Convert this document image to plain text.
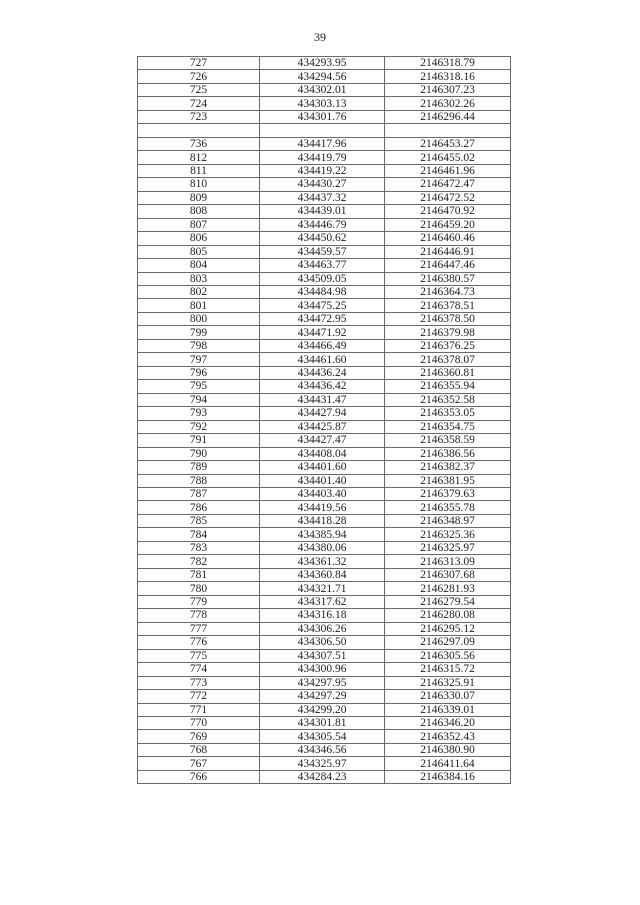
39
727	434293.95	2146318.79
726	434294.56	2146318.16
725	434302.01	2146307.23
724	434303.13	2146302.26
723	434301.76	2146296.44

736	434417.96	2146453.27
812	434419.79	2146455.02
811	434419.22	2146461.96
810	434430.27	2146472.47
809	434437.32	2146472.52
808	434439.01	2146470.92
807	434446.79	2146459.20
806	434450.62	2146460.46
805	434459.57	2146446.91
804	434463.77	2146447.46
803	434509.05	2146380.57
802	434484.98	2146364.73
801	434475.25	2146378.51
800	434472.95	2146378.50
799	434471.92	2146379.98
798	434466.49	2146376.25
797	434461.60	2146378.07
796	434436.24	2146360.81
795	434436.42	2146355.94
794	434431.47	2146352.58
793	434427.94	2146353.05
792	434425.87	2146354.75
791	434427.47	2146358.59
790	434408.04	2146386.56
789	434401.60	2146382.37
788	434401.40	2146381.95
787	434403.40	2146379.63
786	434419.56	2146355.78
785	434418.28	2146348.97
784	434385.94	2146325.36
783	434380.06	2146325.97
782	434361.32	2146313.09
781	434360.84	2146307.68
780	434321.71	2146281.93
779	434317.62	2146279.54
778	434316.18	2146280.08
777	434306.26	2146295.12
776	434306.50	2146297.09
775	434307.51	2146305.56
774	434300.96	2146315.72
773	434297.95	2146325.91
772	434297.29	2146330.07
771	434299.20	2146339.01
770	434301.81	2146346.20
769	434305.54	2146352.43
768	434346.56	2146380.90
767	434325.97	2146411.64
766	434284.23	2146384.16
